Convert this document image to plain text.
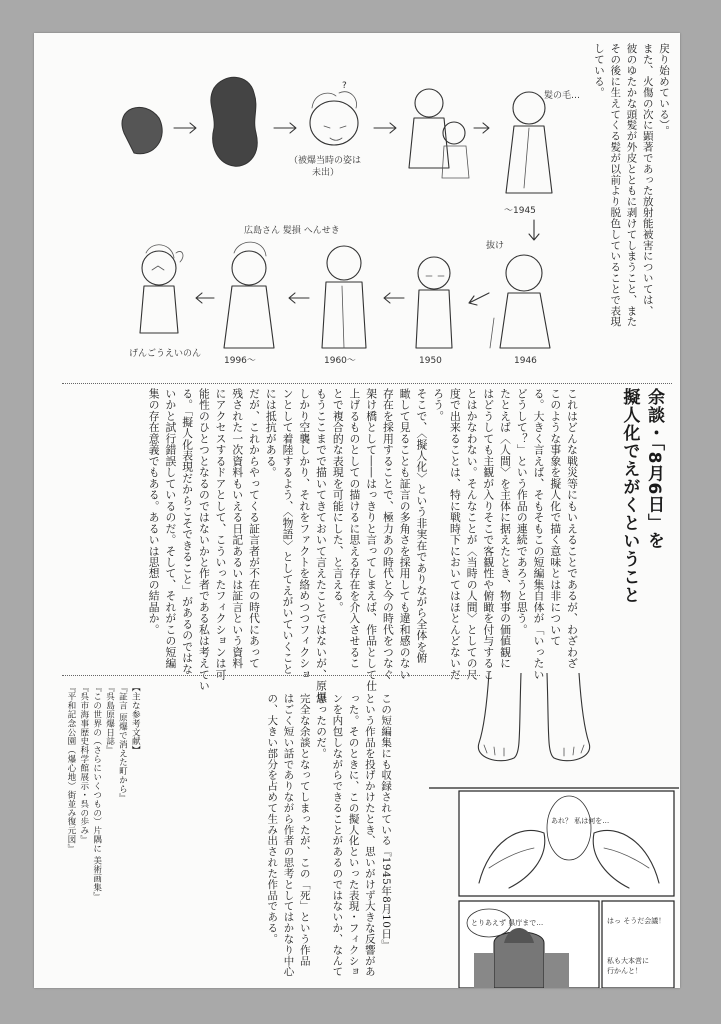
戻り始めている）。
また、火傷の次に顕著であった放射能被害については、
彼のゆたかな頭髪が外皮とともに剥けてしまうこと、また
その後に生えてくる髪が以前より脱色していることで表現
している。
（被爆当時の姿は
未出）
?
髪の毛…
〜1945
広島さん 髪損 へんせき
抜け
1946
1950
1960〜
1996〜
げんごうえいのん
余談・「8月6日」を
擬人化でえがくということ
これはどんな戦災等にもいえることであるが、わざわざ
このような事象を擬人化で描く意味とは非について
る。大きく言えば、そもそもこの短編集自体が「いったい
どうして？」という作品の連続であろうと思う。
たとえば〈人間〉を主体に据えたとき、物事の価値観に
はどうしても主観が入りそこで客観性や俯瞰を付与するこ
とはかなわない。そんなことが〈当時の人間〉としての尺
度で出来ることは、特に戦時下においてはほとんどないだ
ろう。
そこで、〈擬人化〉という非実在でありながら全体を俯
瞰して見ることも証言の多角さを採用しても違和感のない
存在を採用することで、極力あの時代と今の時代をつなぐ
架け橋として――はっきりと言ってしまえば、作品として仕
上げるものとしての描けるに思える存在を介入させるこ
とで複合的な表現を可能にした、と言える。
もうここまでで描いてきておいて言えたことではないが、原爆
しかり空襲しかり、それをファクトを絡めつつフィクショ
ンとして着陸するよう、〈物語〉としてえがいていくこと
には抵抗がある。
だが、これからやってくる証言者が不在の時代にあって
残された一次資料もいえる日記あるいは証言という資料
にアクセスするドアとして、こういったフィクションは可
能性のひとつとなるのではないかと作者である私は考えてい
る。「擬人化表現だからこそできること」があるのではな
いかと試行錯誤しているのだ。そして、それがこの短編
集の存在意義でもある。あるいは思想の結晶か。
この短編集にも収録されている『1945年8月10日』
という作品を投げかけたとき、思いがけず大きな反響があ
った。そのときに、この擬人化といった表現・フィクショ
ンを内包しながらできることがあるのではないか、なんて
思ったのだ。
完全な余談となってしまったが、この「死」という作品
はごく短い話でありながら作者の思考としてはかなり中心
の、大きい部分を占めて生み出された作品である。
【主な参考文献】
『証言 原爆で消えた町から』
『呉島原爆日誌』
『この世界の（さらにいくつもの）片隅に 美術画集』
『呉市海事歴史科学館展示・呉の歩み』
『平和記念公園（爆心地）街並み復元図』	あれ？ 私は何を…
とりあえず 県庁まで…	はっ そうだ会議！
私も大本営に
行かんと！
